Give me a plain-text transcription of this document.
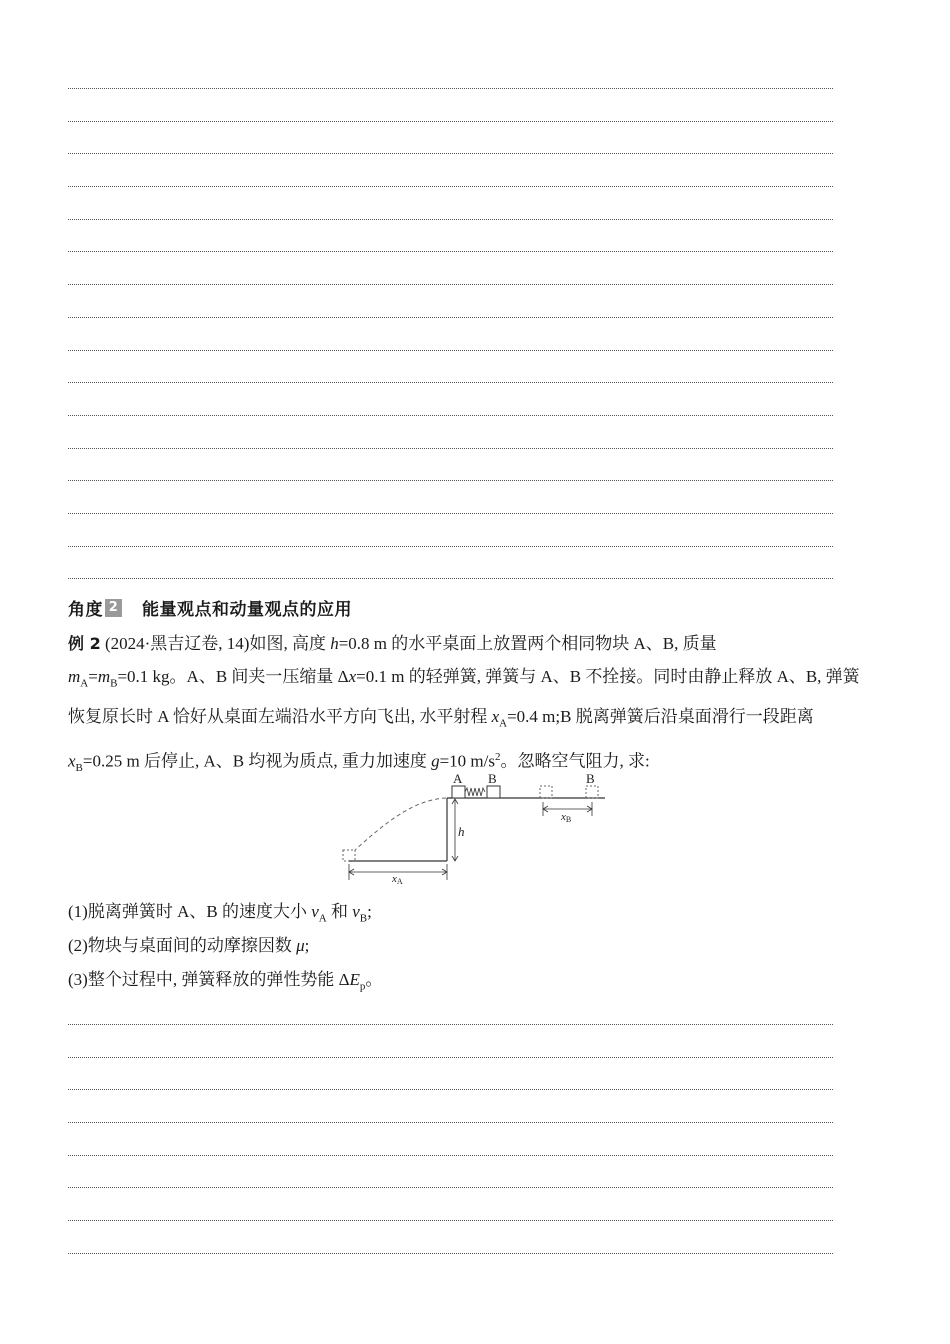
角度 2 能量观点和动量观点的应用
例 2 (2024·黑吉辽卷, 14)如图, 高度 h=0.8 m 的水平桌面上放置两个相同物块 A、B, 质量
$m_A=m_B=0.1$ kg。A、B 间夹一压缩量 Δx=0.1 m 的轻弹簧, 弹簧与 A、B 不拴接。同时由静止释放 A、B, 弹簧恢复原长时 A 恰好从桌面左端沿水平方向飞出, 水平射程 $x_A=0.4$ m;B 脱离弹簧后沿桌面滑行一段距离 $x_B=0.25$ m 后停止, A、B 均视为质点, 重力加速度 g=10 $m/s^2$。忽略空气阻力, 求:
A B	B
h
xB
xA
(1)脱离弹簧时 A、B 的速度大小 $v_A$ 和 $v_B$;
(2)物块与桌面间的动摩擦因数 μ;
(3)整个过程中, 弹簧释放的弹性势能 $\Delta E_p$。
